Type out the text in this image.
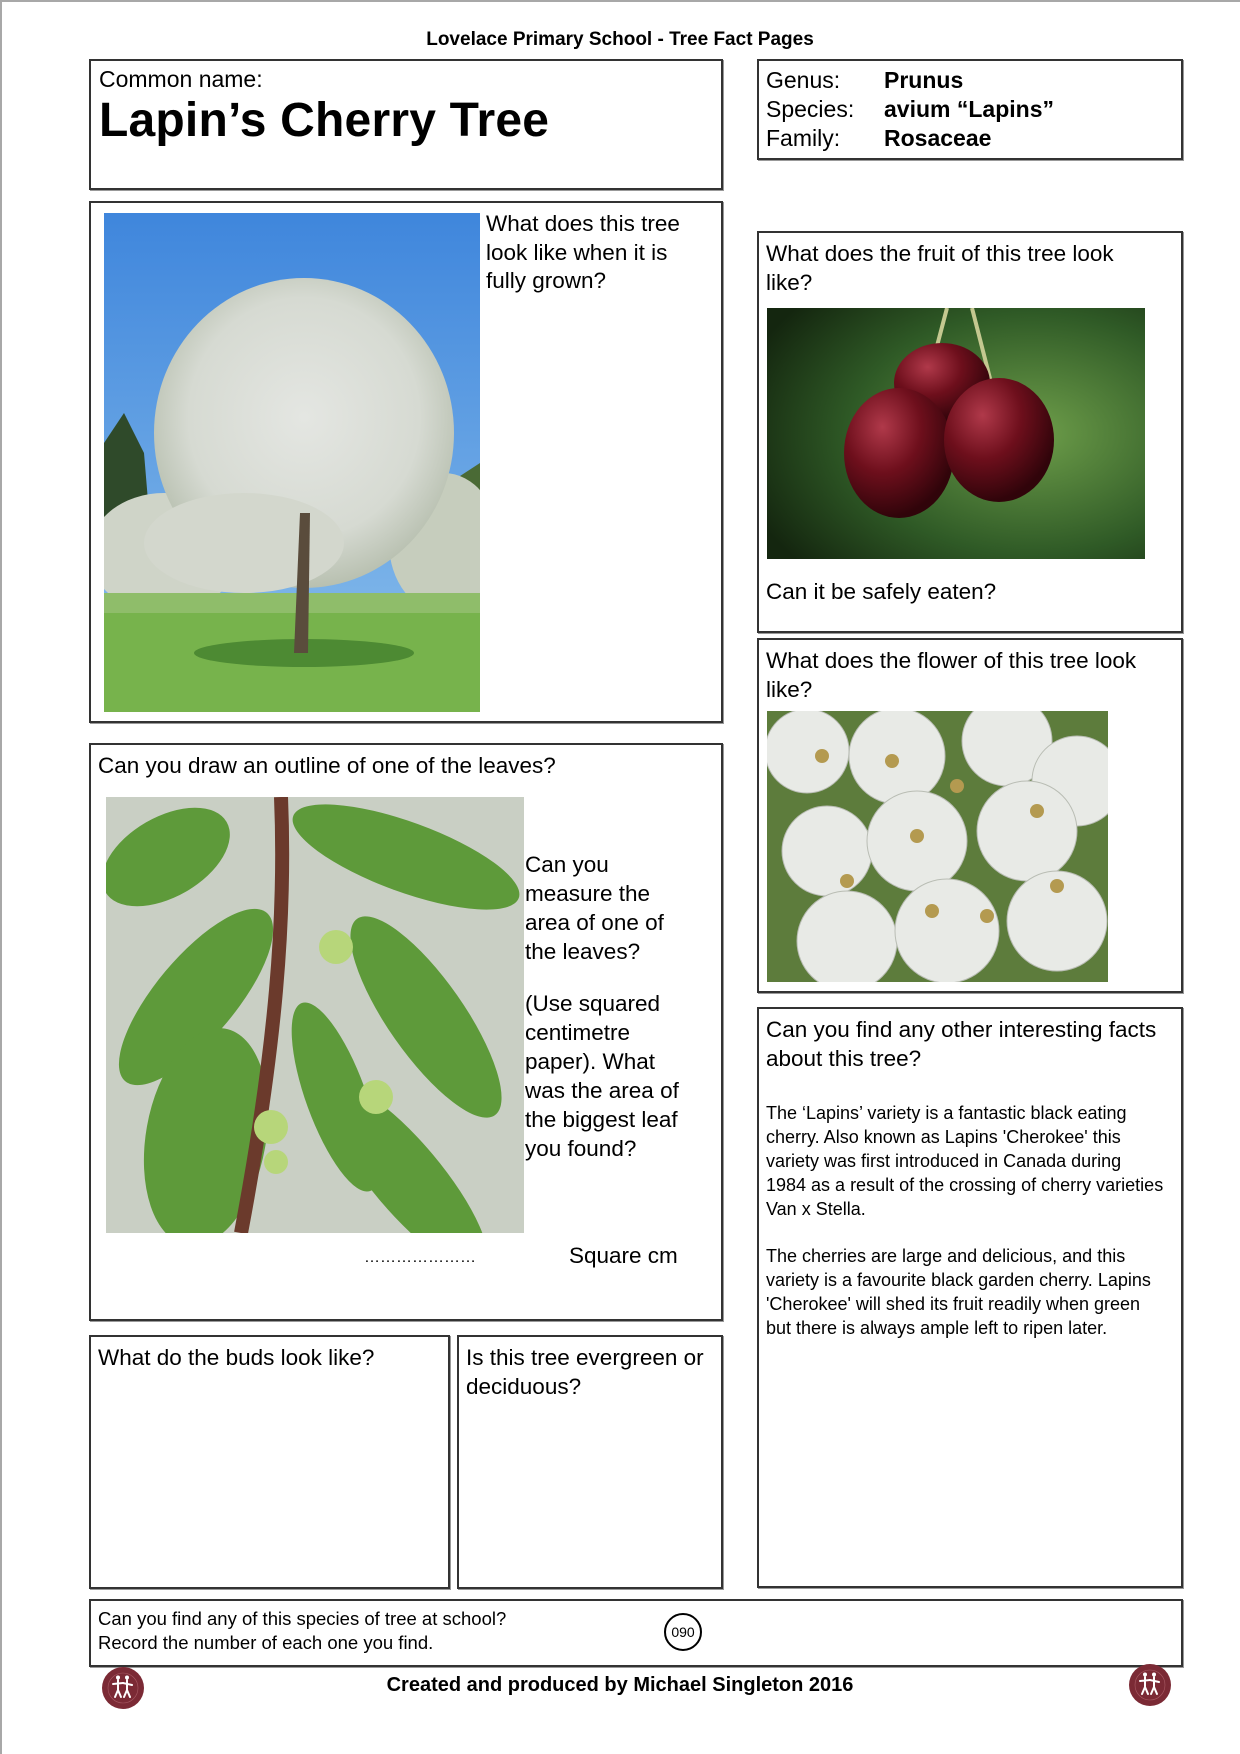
Lovelace Primary School - Tree Fact Pages
Common name:
Lapin’s Cherry Tree
Genus: Prunus
Species: avium “Lapins”
Family: Rosaceae
What does this tree look like when it is fully grown?
What does the fruit of this tree look like?
Can it be safely eaten?
What does the flower of this tree look like?
Can you draw an outline of one of the leaves?
Can you
measure the
area of one of
the leaves?
(Use squared
centimetre
paper). What
was the area of
the biggest leaf
you found?
…………………	Square cm
Can you find any other interesting facts about this tree?

The ‘Lapins’ variety is a fantastic black eating cherry. Also known as Lapins 'Cherokee' this variety was first introduced in Canada during 1984 as a result of the crossing of cherry varieties Van x Stella.

The cherries are large and delicious, and this variety is a favourite black garden cherry. Lapins 'Cherokee' will shed its fruit readily when green but there is always ample left to ripen later.

What do the buds look like?	Is this tree evergreen or deciduous?
Can you find any of this species of tree at school?
Record the number of each one you find.	090
Created and produced by Michael Singleton 2016
